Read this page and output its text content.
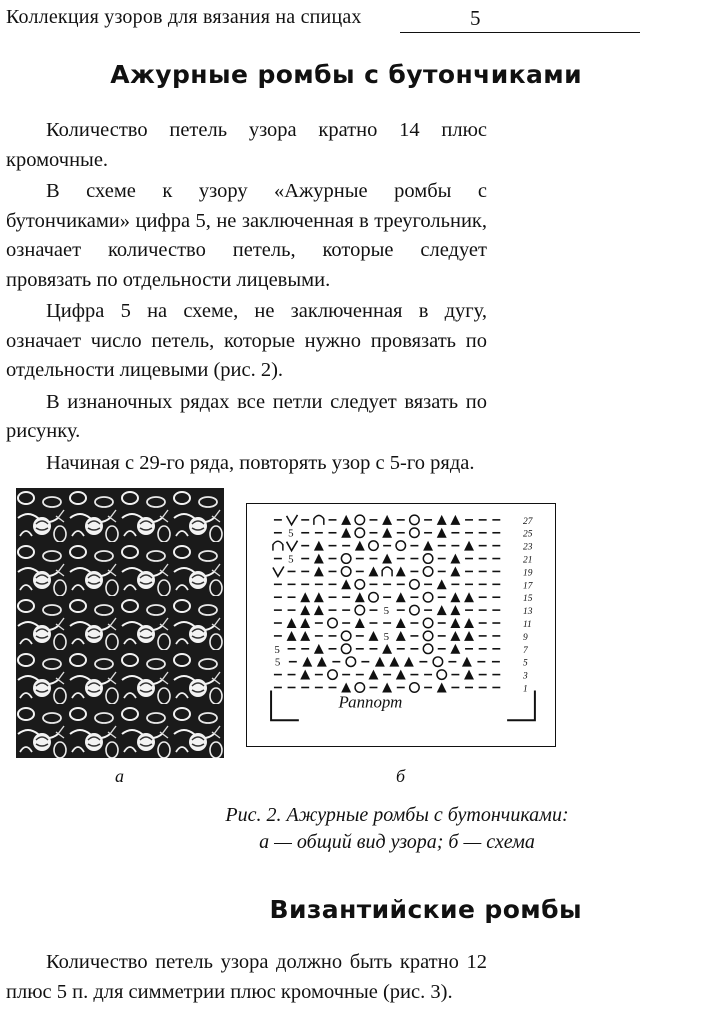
Коллекция узоров для вязания на спицах	5
Ажурные ромбы с бутончиками

Количество петель узора кратно 14 плюс кромочные.

В схеме к узору «Ажурные ромбы с бутончиками» цифра 5, не заключенная в треугольник, означает количество петель, которые следует провязать по отдельности лицевыми.

Цифра 5 на схеме, не заключенная в дугу, означает число петель, которые нужно провязать по отдельности лицевыми (рис. 2).

В изнаночных рядах все петли следует вязать по рисунку.

Начиная с 29-го ряда, повторять узор с 5-го ряда.

5
5
5
5
5
5
Раппорт
27
25
23
21
19
17
15
13
11
9
7
5
3
1
а	б
Рис. 2. Ажурные ромбы с бутончиками:
а — общий вид узора; б — схема
Византийские ромбы

Количество петель узора должно быть кратно 12 плюс 5 п. для симметрии плюс кромочные (рис. 3).
